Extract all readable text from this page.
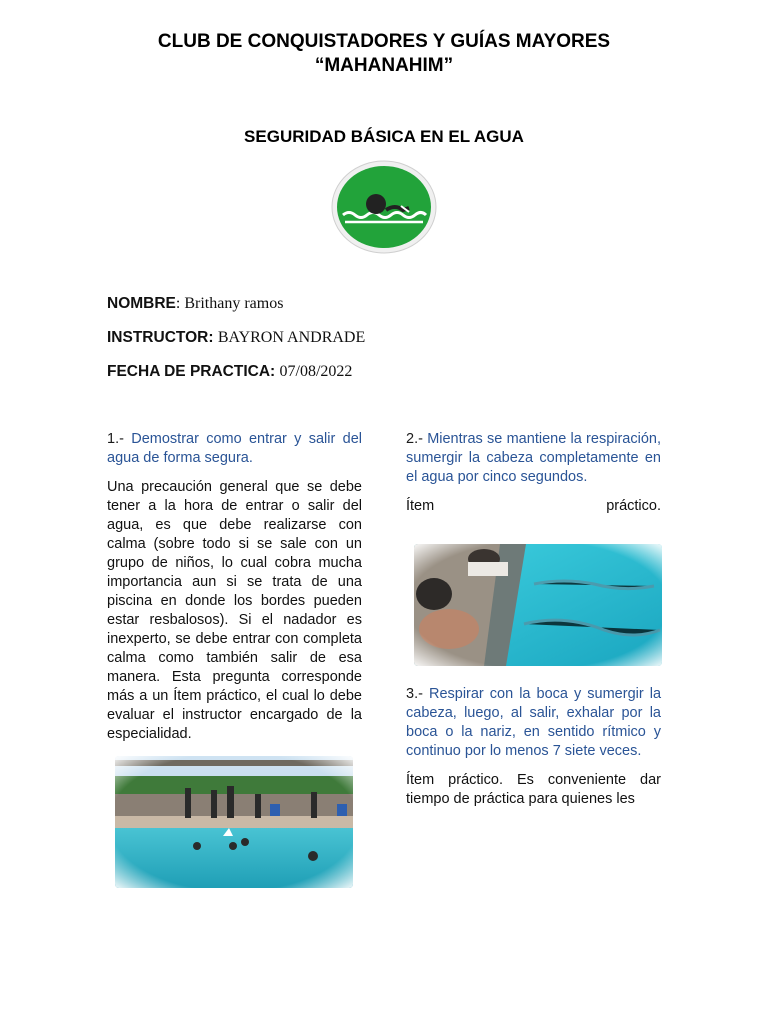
CLUB DE CONQUISTADORES Y GUÍAS MAYORES
“MAHANAHIM”
SEGURIDAD BÁSICA EN EL AGUA
NOMBRE: Brithany ramos
INSTRUCTOR: BAYRON ANDRADE
FECHA DE PRACTICA: 07/08/2022
1.- Demostrar como entrar y salir del agua de forma segura.
Una precaución general que se debe tener a la hora de entrar o salir del agua, es que debe realizarse con calma (sobre todo si se sale con un grupo de niños, lo cual cobra mucha importancia aun si se trata de una piscina en donde los bordes pueden estar resbalosos). Si el nadador es inexperto, se debe entrar con completa calma como también salir de esa manera. Esta pregunta corresponde más a un Ítem práctico, el cual lo debe evaluar el instructor encargado de la especialidad.
2.- Mientras se mantiene la respiración, sumergir la cabeza completamente en el agua por cinco segundos.
Ítem práctico.
3.- Respirar con la boca y sumergir la cabeza, luego, al salir, exhalar por la boca o la nariz, en sentido rítmico y continuo por lo menos 7 siete veces.
Ítem práctico. Es conveniente dar tiempo de práctica para quienes les
